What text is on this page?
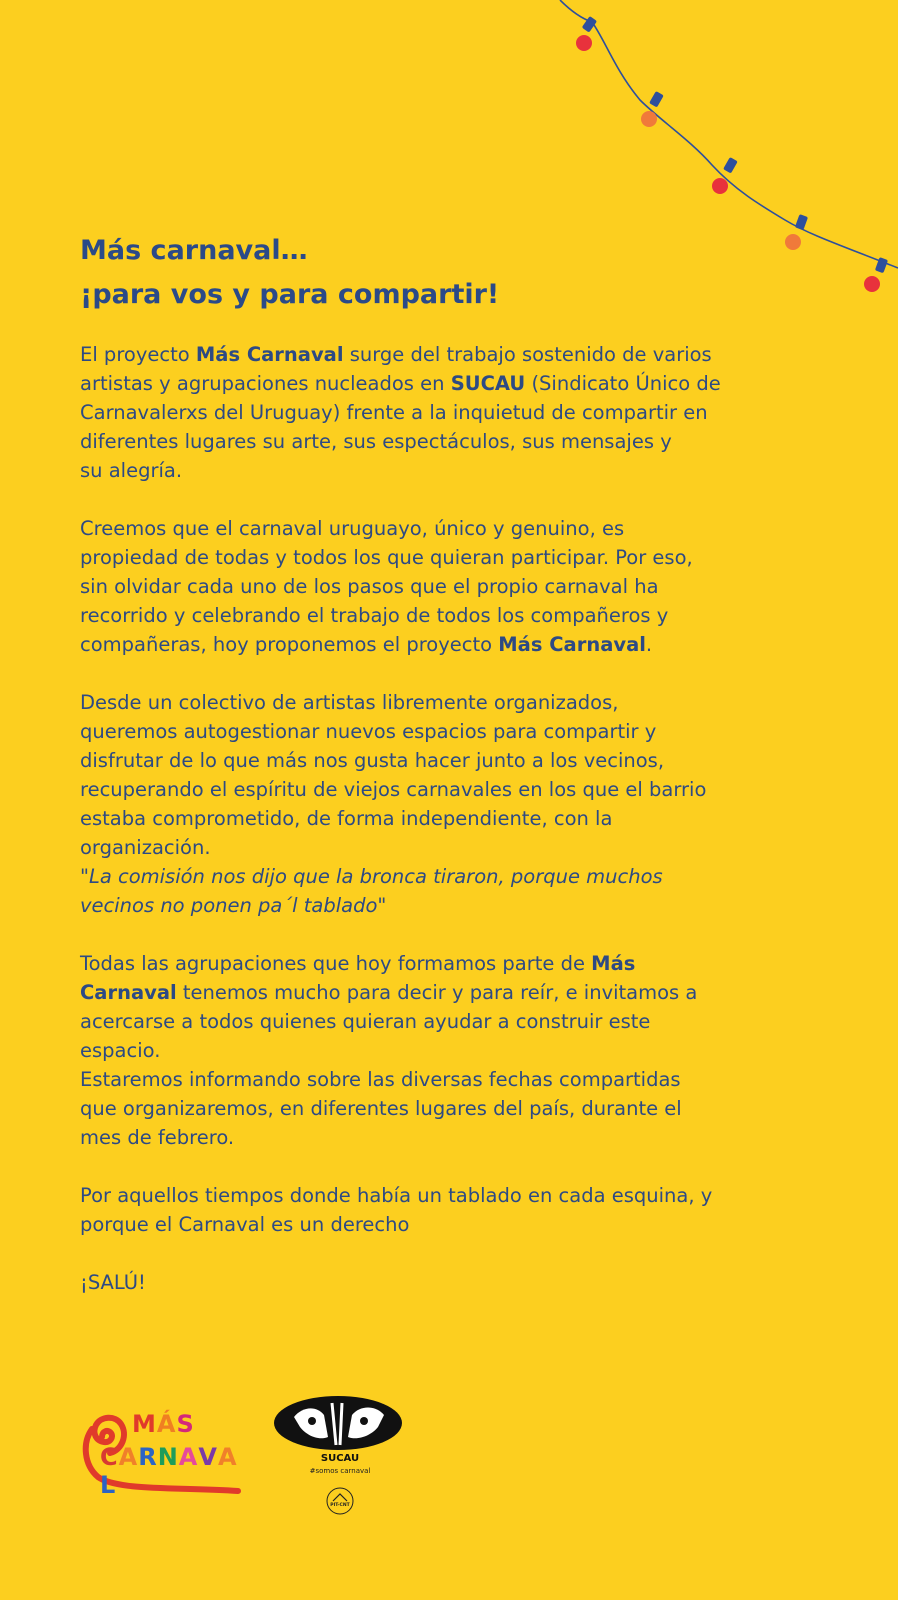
Más carnaval…
¡para vos y para compartir!

El proyecto Más Carnaval surge del trabajo sostenido de varios
artistas y agrupaciones nucleados en SUCAU (Sindicato Único de
Carnavalerxs del Uruguay) frente a la inquietud de compartir en
diferentes lugares su arte, sus espectáculos, sus mensajes y
su alegría.

Creemos que el carnaval uruguayo, único y genuino, es
propiedad de todas y todos los que quieran participar. Por eso,
sin olvidar cada uno de los pasos que el propio carnaval ha
recorrido y celebrando el trabajo de todos los compañeros y
compañeras, hoy proponemos el proyecto Más Carnaval.

Desde un colectivo de artistas libremente organizados,
queremos autogestionar nuevos espacios para compartir y
disfrutar de lo que más nos gusta hacer junto a los vecinos,
recuperando el espíritu de viejos carnavales en los que el barrio
estaba comprometido, de forma independiente, con la
organización.
"La comisión nos dijo que la bronca tiraron, porque muchos
vecinos no ponen pa´l tablado"

Todas las agrupaciones que hoy formamos parte de Más
Carnaval tenemos mucho para decir y para reír, e invitamos a
acercarse a todos quienes quieran ayudar a construir este
espacio.
Estaremos informando sobre las diversas fechas compartidas
que organizaremos, en diferentes lugares del país, durante el
mes de febrero.

Por aquellos tiempos donde había un tablado en cada esquina, y
porque el Carnaval es un derecho

¡SALÚ!

MÁS
CARNAVAL
SUCAU
#somos carnaval
PIT-CNT
